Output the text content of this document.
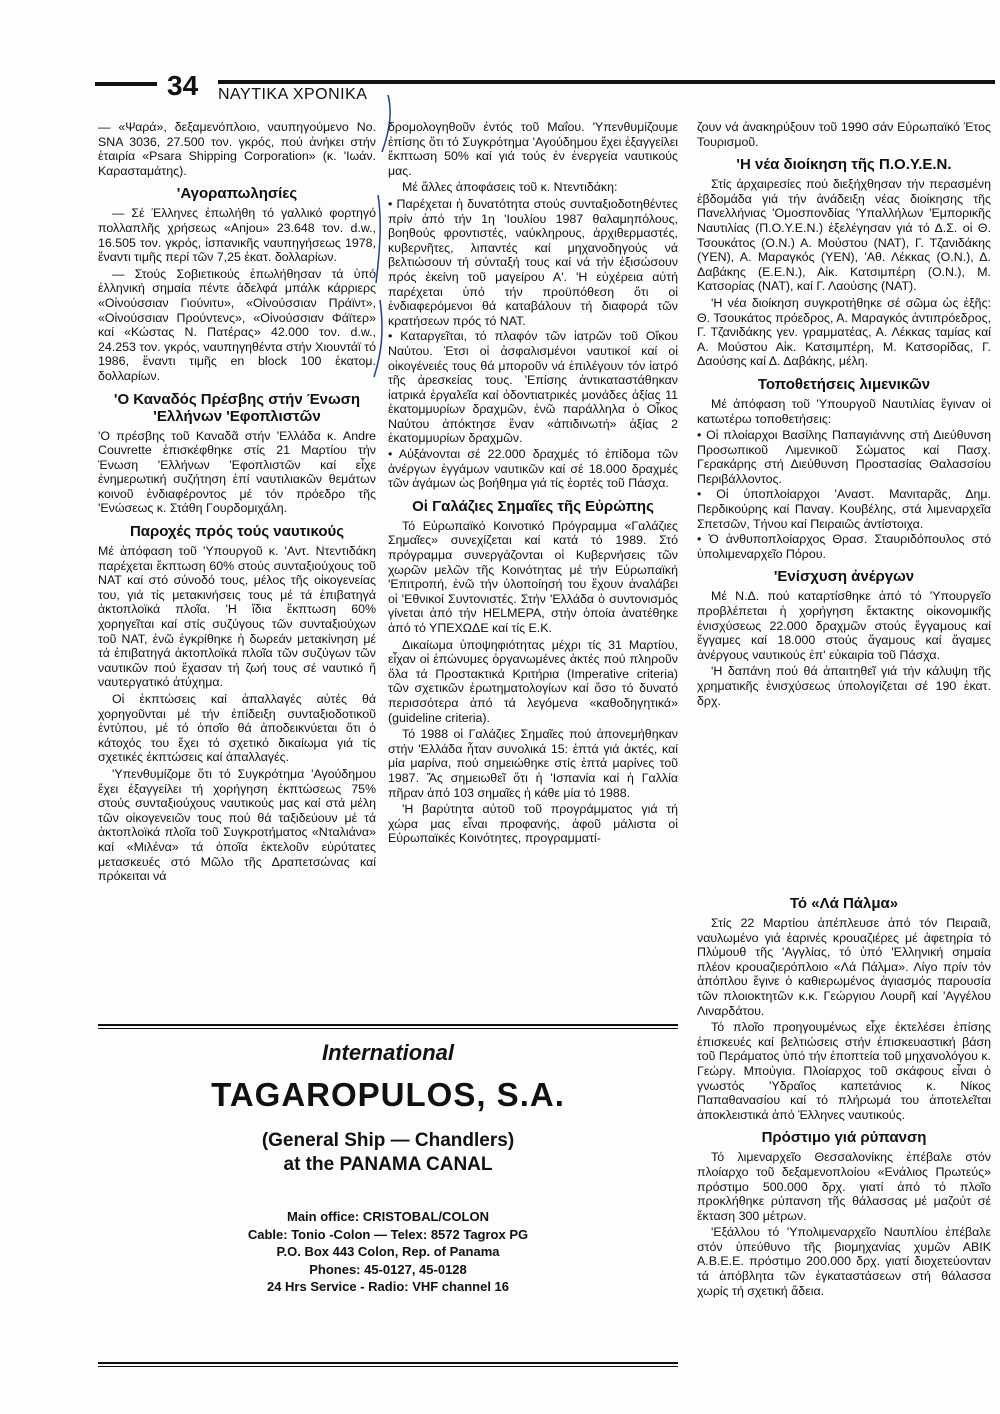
34 ΝΑΥΤΙΚΑ ΧΡΟΝΙΚΑ

— «Ψαρά», δεξαμενόπλοιο, ναυπηγούμενο Νο. SNA 3036, 27.500 τον. γκρός, πού ἀνήκει στήν ἑταιρία «Psara Shipping Corporation» (κ. 'Ιωάν. Καρασταμάτης).

'Αγοραπωλησίες

— Σέ Έλληνες ἐπωλήθη τό γαλλικό φορτηγό πολλαπλῆς χρήσεως «Anjou» 23.648 τον. d.w., 16.505 τον. γκρός, ἱσπανικῆς ναυπηγήσεως 1978, ἔναντι τιμῆς περί τῶν 7,25 ἑκατ. δολλαρίων.

— Στούς Σοβιετικούς ἐπωλήθησαν τά ὑπό ἑλληνική σημαία πέντε ἀδελφά μπάλκ κάρριερς «Οἰνούσσιαν Γιούνιτυ», «Οἰνούσσιαν Πράϊντ», «Οἰνούσσιαν Προύντενς», «Οἰνούσσιαν Φάϊτερ» καί «Κώστας Ν. Πατέρας» 42.000 τον. d.w., 24.253 τον. γκρός, ναυπηγηθέντα στήν Χιουντάϊ τό 1986, ἔναντι τιμῆς en block 100 ἑκατομ. δολλαρίων.

'Ο Καναδός Πρέσβης στήν Ένωση 'Ελλήνων 'Εφοπλιστῶν

'Ο πρέσβης τοῦ Καναδᾶ στήν 'Ελλάδα κ. Andre Couvrette ἐπισκέφθηκε στίς 21 Μαρτίου τήν Ένωση 'Ελλήνων 'Εφοπλιστῶν καί εἶχε ἐνημερωτική συζήτηση ἐπί ναυτιλιακῶν θεμάτων κοινοῦ ἐνδιαφέροντος μέ τόν πρόεδρο τῆς 'Ενώσεως κ. Στάθη Γουρδομιχάλη.

Παροχές πρός τούς ναυτικούς

Μέ ἀπόφαση τοῦ 'Υπουργοῦ κ. 'Αντ. Ντεντιδάκη παρέχεται ἔκπτωση 60% στούς συνταξιούχους τοῦ ΝΑΤ καί στό σύνοδό τους, μέλος τῆς οἰκογενείας του, γιά τίς μετακινήσεις τους μέ τά ἐπιβατηγά ἀκτοπλοϊκά πλοῖα. 'Η ἴδια ἔκπτωση 60% χορηγεῖται καί στίς συζύγους τῶν συνταξιούχων τοῦ ΝΑΤ, ἐνῶ ἐγκρίθηκε ἡ δωρεάν μετακίνηση μέ τά ἐπιβατηγά ἀκτοπλοϊκά πλοῖα τῶν συζύγων τῶν ναυτικῶν πού ἔχασαν τή ζωή τους σέ ναυτικό ἤ ναυτεργατικό ἀτύχημα.

Οἱ ἐκπτώσεις καί ἀπαλλαγές αὐτές θά χορηγοῦνται μέ τήν ἐπίδειξη συνταξιοδοτικοῦ ἐντύπου, μέ τό ὁποῖο θά ἀποδεικνύεται ὅτι ὁ κάτοχός του ἔχει τό σχετικό δικαίωμα γιά τίς σχετικές ἐκπτώσεις καί ἀπαλλαγές.

'Υπενθυμίζομε ὅτι τό Συγκρότημα 'Αγούδημου ἔχει ἐξαγγείλει τή χορήγηση ἐκπτώσεως 75% στούς συνταξιούχους ναυτικούς μας καί στά μέλη τῶν οἰκογενειῶν τους πού θά ταξιδεύουν μέ τά ἀκτοπλοϊκά πλοῖα τοῦ Συγκροτήματος «Νταλιάνα» καί «Μιλένα» τά ὁποῖα ἐκτελοῦν εὐρύτατες μετασκευές στό Μῶλο τῆς Δραπετσώνας καί πρόκειται νά

δρομολογηθοῦν ἐντός τοῦ Μαΐου. 'Υπενθυμίζουμε ἐπίσης ὅτι τό Συγκρότημα 'Αγούδημου ἔχει ἐξαγγείλει ἔκπτωση 50% καί γιά τούς ἐν ἐνεργεία ναυτικούς μας.

Μέ ἄλλες ἀποφάσεις τοῦ κ. Ντεντιδάκη:

• Παρέχεται ἡ δυνατότητα στούς συνταξιοδοτηθέντες πρίν ἀπό τήν 1η 'Ιουλίου 1987 θαλαμηπόλους, βοηθούς φροντιστές, ναύκληρους, ἀρχιθερμαστές, κυβερνῆτες, λιπαντές καί μηχανοδηγούς νά βελτιώσουν τή σύνταξή τους καί νά τήν ἐξισώσουν πρός ἐκείνη τοῦ μαγείρου Α'. 'Η εὐχέρεια αὐτή παρέχεται ὑπό τήν προϋπόθεση ὅτι οἱ ἐνδιαφερόμενοι θά καταβάλουν τή διαφορά τῶν κρατήσεων πρός τό ΝΑΤ.
• Καταργεῖται, τό πλαφόν τῶν ἰατρῶν τοῦ Οἴκου Ναύτου. Έτσι οἱ ἀσφαλισμένοι ναυτικοί καί οἱ οἰκογένειές τους θά μποροῦν νά ἐπιλέγουν τόν ἰατρό τῆς ἀρεσκείας τους. 'Επίσης ἀντικαταστάθηκαν ἰατρικά ἐργαλεῖα καί ὀδοντιατρικές μονάδες ἀξίας 11 ἑκατομμυρίων δραχμῶν, ἐνῶ παράλληλα ὁ Οἶκος Ναύτου ἀπόκτησε ἕναν «ἀπιδινωτή» ἀξίας 2 ἑκατομμυρίων δραχμῶν.
• Αὐξάνονται σέ 22.000 δραχμές τό ἐπίδομα τῶν ἀνέργων ἐγγάμων ναυτικῶν καί σέ 18.000 δραχμές τῶν ἀγάμων ὡς βοήθημα γιά τίς ἑορτές τοῦ Πάσχα.
Οἱ Γαλάζιες Σημαῖες τῆς Εὐρώπης

Τό Εὐρωπαϊκό Κοινοτικό Πρόγραμμα «Γαλάζιες Σημαῖες» συνεχίζεται καί κατά τό 1989. Στό πρόγραμμα συνεργάζονται οἱ Κυβερνήσεις τῶν χωρῶν μελῶν τῆς Κοινότητας μέ τήν Εὐρωπαϊκή 'Επιτροπή, ἐνῶ τήν ὑλοποίησή του ἔχουν ἀναλάβει οἱ 'Εθνικοί Συντονιστές. Στήν 'Ελλάδα ὁ συντονισμός γίνεται ἀπό τήν HELMEPA, στήν ὁποία ἀνατέθηκε ἀπό τό ΥΠΕΧΩΔΕ καί τίς Ε.Κ.

Δικαίωμα ὑποψηφιότητας μέχρι τίς 31 Μαρτίου, εἶχαν οἱ ἐπώνυμες ὀργανωμένες ἀκτές πού πληροῦν ὅλα τά Προστακτικά Κριτήρια (Imperative criteria) τῶν σχετικῶν ἐρωτηματολογίων καί ὅσο τό δυνατό περισσότερα ἀπό τά λεγόμενα «καθοδηγητικά» (guideline criteria).

Τό 1988 οἱ Γαλάζιες Σημαῖες πού ἀπονεμήθηκαν στήν 'Ελλάδα ἦταν συνολικά 15: ἑπτά γιά ἀκτές, καί μία μαρίνα, πού σημειώθηκε στίς ἑπτά μαρίνες τοῦ 1987. Ἄς σημειωθεῖ ὅτι ἡ 'Ισπανία καί ἡ Γαλλία πῆραν ἀπό 103 σημαῖες ἡ κάθε μία τό 1988.

'Η βαρύτητα αὐτοῦ τοῦ προγράμματος γιά τή χώρα μας εἶναι προφανής, ἀφοῦ μάλιστα οἱ Εὐρωπαϊκές Κοινότητες, προγραμματί-

ζουν νά ἀνακηρύξουν τοῦ 1990 σάν Εὐρωπαϊκό Έτος Τουρισμοῦ.

'Η νέα διοίκηση τῆς Π.Ο.Υ.Ε.Ν.

Στίς ἀρχαιρεσίες πού διεξήχθησαν τήν περασμένη ἑβδομάδα γιά τήν ἀνάδειξη νέας διοίκησης τῆς Πανελλήνιας 'Ομοσπονδίας 'Υπαλλήλων 'Εμπορικῆς Ναυτιλίας (Π.Ο.Υ.Ε.Ν.) ἐξελέγησαν γιά τό Δ.Σ. οἱ Θ. Τσουκάτος (Ο.Ν.) Α. Μούστου (ΝΑΤ), Γ. Τζανιδάκης (ΥΕΝ), Α. Μαραγκός (ΥΕΝ), 'Αθ. Λέκκας (Ο.Ν.), Δ. Δαβάκης (Ε.Ε.Ν.), Αἰκ. Κατσιμπέρη (Ο.Ν.), Μ. Κατσορίας (ΝΑΤ), καί Γ. Λαούσης (ΝΑΤ).

'Η νέα διοίκηση συγκροτήθηκε σέ σῶμα ὡς ἑξῆς: Θ. Τσουκάτος πρόεδρος, Α. Μαραγκός ἀντιπρόεδρος, Γ. Τζανιδάκης γεν. γραμματέας, Α. Λέκκας ταμίας καί Α. Μούστου Αἰκ. Κατσιμπέρη, Μ. Κατσορίδας, Γ. Δαούσης καί Δ. Δαβάκης, μέλη.

Τοποθετήσεις λιμενικῶν

Μέ ἀπόφαση τοῦ 'Υπουργοῦ Ναυτιλίας ἔγιναν οἱ κατωτέρω τοποθετήσεις:

• Οἱ πλοίαρχοι Βασίλης Παπαγιάννης στή Διεύθυνση Προσωπικοῦ Λιμενικοῦ Σώματος καί Πασχ. Γερακάρης στή Διεύθυνση Προστασίας Θαλασσίου Περιβάλλοντος.
• Οἱ ὑποπλοίαρχοι 'Αναστ. Μανιταρᾶς, Δημ. Περδικούρης καί Παναγ. Κουβέλης, στά λιμεναρχεῖα Σπετσῶν, Τήνου καί Πειραιῶς ἀντίστοιχα.
• Ὁ ἀνθυποπλοίαρχος Θρασ. Σταυριδόπουλος στό ὑπολιμεναρχεῖο Πόρου.
'Ενίσχυση ἀνέργων

Μέ Ν.Δ. πού καταρτίσθηκε ἀπό τό 'Υπουργεῖο προβλέπεται ἡ χορήγηση ἔκτακτης οἰκονομικῆς ἐνισχύσεως 22.000 δραχμῶν στούς ἔγγαμους καί ἔγγαμες καί 18.000 στούς ἄγαμους καί ἄγαμες ἀνέργους ναυτικούς ἐπ' εὐκαιρία τοῦ Πάσχα.

'Η δαπάνη πού θά ἀπαιτηθεῖ γιά τήν κάλυψη τῆς χρηματικῆς ἐνισχύσεως ὑπολογίζεται σέ 190 ἑκατ. δρχ.

Τό «Λά Πάλμα»

Στίς 22 Μαρτίου ἀπέπλευσε ἀπό τόν Πειραιᾶ, ναυλωμένο γιά ἐαρινές κρουαζιέρες μέ ἀφετηρία τό Πλύμουθ τῆς 'Αγγλίας, τό ὑπό 'Ελληνική σημαία πλέον κρουαζιερόπλοιο «Λά Πάλμα». Λίγο πρίν τόν ἀπόπλου ἔγινε ὁ καθιερωμένος ἁγιασμός παρουσία τῶν πλοιοκτητῶν κ.κ. Γεώργιου Λουρῆ καί 'Αγγέλου Λιναρδάτου.

Τό πλοῖο προηγουμένως εἶχε ἐκτελέσει ἐπίσης ἐπισκευές καί βελτιώσεις στήν ἐπισκευαστική βάση τοῦ Περάματος ὑπό τήν ἐποπτεία τοῦ μηχανολόγου κ. Γεώργ. Μπούγια. Πλοίαρχος τοῦ σκάφους εἶναι ὁ γνωστός 'Υδραῖος καπετάνιος κ. Νίκος Παπαθανασίου καί τό πλήρωμά του ἀποτελεῖται ἀποκλειστικά ἀπό Έλληνες ναυτικούς.

Πρόστιμο γιά ρύπανση

Τό λιμεναρχεῖο Θεσσαλονίκης ἐπέβαλε στόν πλοίαρχο τοῦ δεξαμενοπλοίου «Ενάλιος Πρωτεύς» πρόστιμο 500.000 δρχ. γιατί ἀπό τό πλοῖο προκλήθηκε ρύπανση τῆς θάλασσας μέ μαζούτ σέ ἔκταση 300 μέτρων.

'Εξάλλου τό 'Υπολιμεναρχεῖο Ναυπλίου ἐπέβαλε στόν ὑπεύθυνο τῆς βιομηχανίας χυμῶν ΑΒΙΚ Α.Β.Ε.Ε. πρόστιμο 200.000 δρχ. γιατί διοχετεύονταν τά ἀπόβλητα τῶν ἐγκαταστάσεων στή θάλασσα χωρίς τή σχετική ἄδεια.

International
TAGAROPULOS, S.A.
(General Ship — Chandlers)
at the PANAMA CANAL
Main office: CRISTOBAL/COLON
Cable: Tonio -Colon — Telex: 8572 Tagrox PG
P.O. Box 443 Colon, Rep. of Panama
Phones: 45-0127, 45-0128
24 Hrs Service - Radio: VHF channel 16
